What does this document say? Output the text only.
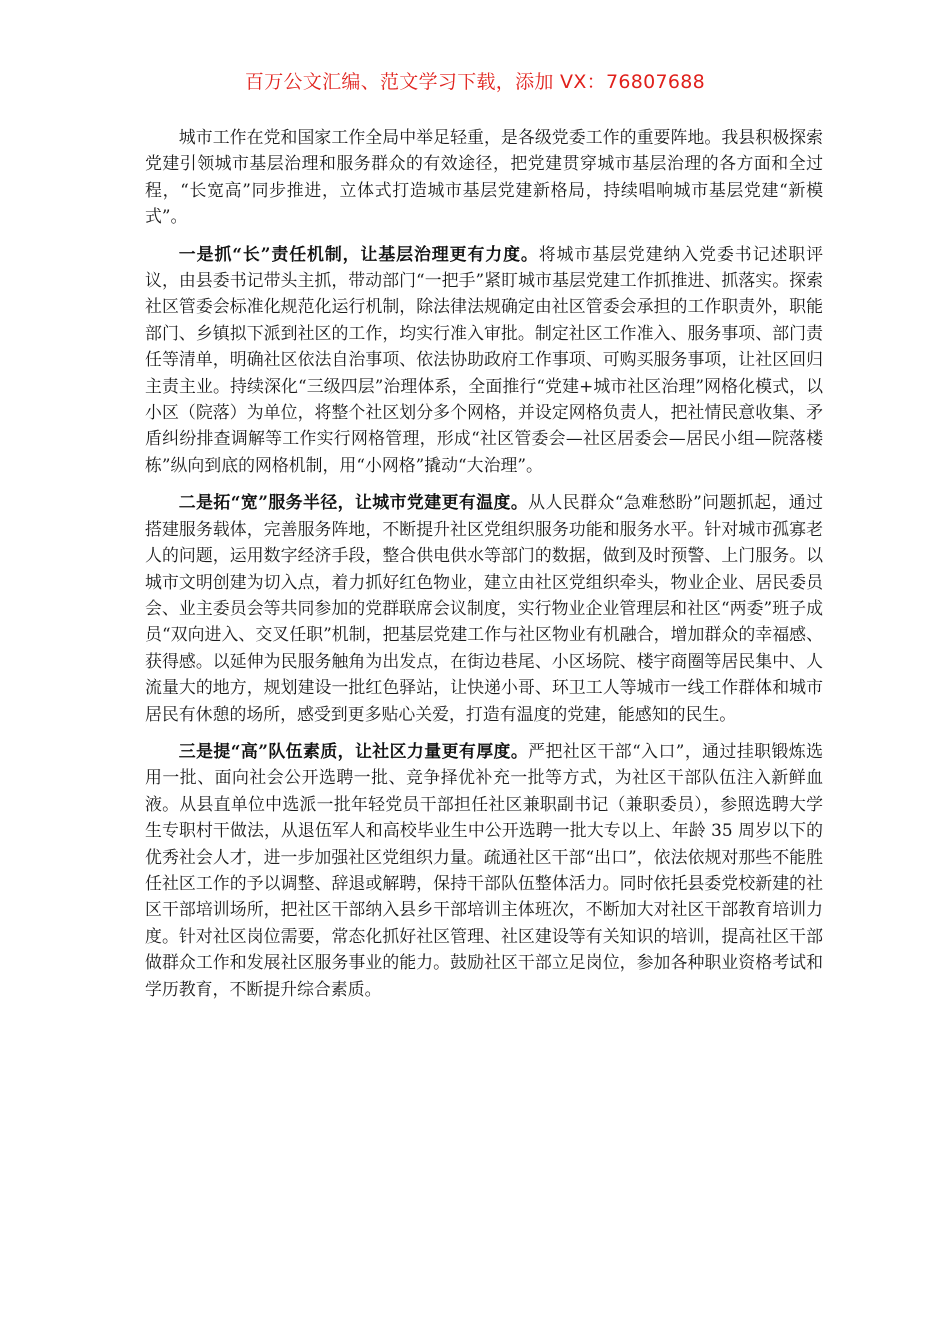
百万公文汇编、范文学习下载，添加 VX：76807688

城市工作在党和国家工作全局中举足轻重，是各级党委工作的重要阵地。我县积极探索党建引领城市基层治理和服务群众的有效途径，把党建贯穿城市基层治理的各方面和全过程，“长宽高”同步推进，立体式打造城市基层党建新格局，持续唱响城市基层党建“新模式”。

一是抓“长”责任机制，让基层治理更有力度。将城市基层党建纳入党委书记述职评议，由县委书记带头主抓，带动部门“一把手”紧盯城市基层党建工作抓推进、抓落实。探索社区管委会标准化规范化运行机制，除法律法规确定由社区管委会承担的工作职责外，职能部门、乡镇拟下派到社区的工作，均实行准入审批。制定社区工作准入、服务事项、部门责任等清单，明确社区依法自治事项、依法协助政府工作事项、可购买服务事项，让社区回归主责主业。持续深化“三级四层”治理体系，全面推行“党建+城市社区治理”网格化模式，以小区（院落）为单位，将整个社区划分多个网格，并设定网格负责人，把社情民意收集、矛盾纠纷排查调解等工作实行网格管理，形成“社区管委会—社区居委会—居民小组—院落楼栋”纵向到底的网格机制，用“小网格”撬动“大治理”。

二是拓“宽”服务半径，让城市党建更有温度。从人民群众“急难愁盼”问题抓起，通过搭建服务载体，完善服务阵地，不断提升社区党组织服务功能和服务水平。针对城市孤寡老人的问题，运用数字经济手段，整合供电供水等部门的数据，做到及时预警、上门服务。以城市文明创建为切入点，着力抓好红色物业，建立由社区党组织牵头，物业企业、居民委员会、业主委员会等共同参加的党群联席会议制度，实行物业企业管理层和社区“两委”班子成员“双向进入、交叉任职”机制，把基层党建工作与社区物业有机融合，增加群众的幸福感、获得感。以延伸为民服务触角为出发点，在街边巷尾、小区场院、楼宇商圈等居民集中、人流量大的地方，规划建设一批红色驿站，让快递小哥、环卫工人等城市一线工作群体和城市居民有休憩的场所，感受到更多贴心关爱，打造有温度的党建，能感知的民生。

三是提“高”队伍素质，让社区力量更有厚度。严把社区干部“入口”，通过挂职锻炼选用一批、面向社会公开选聘一批、竞争择优补充一批等方式，为社区干部队伍注入新鲜血液。从县直单位中选派一批年轻党员干部担任社区兼职副书记（兼职委员），参照选聘大学生专职村干做法，从退伍军人和高校毕业生中公开选聘一批大专以上、年龄 35 周岁以下的优秀社会人才，进一步加强社区党组织力量。疏通社区干部“出口”，依法依规对那些不能胜任社区工作的予以调整、辞退或解聘，保持干部队伍整体活力。同时依托县委党校新建的社区干部培训场所，把社区干部纳入县乡干部培训主体班次，不断加大对社区干部教育培训力度。针对社区岗位需要，常态化抓好社区管理、社区建设等有关知识的培训，提高社区干部做群众工作和发展社区服务事业的能力。鼓励社区干部立足岗位，参加各种职业资格考试和学历教育，不断提升综合素质。
